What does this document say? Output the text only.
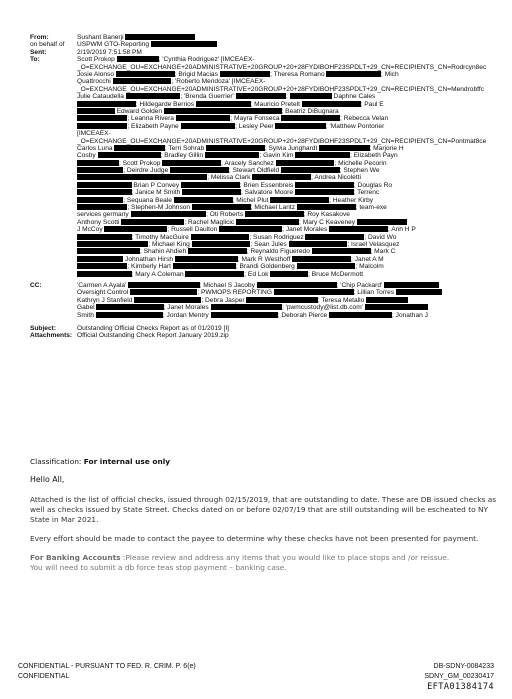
From:	Sushant Banerji
on behalf of	USPWM GTO-Reporting
Sent:	2/19/2019 7:51:58 PM
To:	Scott Prokop	; 'Cynthia Rodriguez' [IMCEAEX-
_O=EXCHANGE_OU=EXCHANGE+20ADMINISTRATIVE+20GROUP+20+28FYDIBOHF23SPDLT+29_CN=RECIPIENTS_CN=Rodrcyn8ec
Josie Alonso	; Brigid Macias	; Theresa Romano	; Mich
Quattrocchi	; 'Roberto Mendoza' [IMCEAEX-
_O=EXCHANGE_OU=EXCHANGE+20ADMINISTRATIVE+20GROUP+20+28FYDIBOHF23SPDLT+29_CN=RECIPIENTS_CN=Mendrobffc
Julie Cataudella	; 'Brenda Guerrier'	;	Daphne Cales
; Hildegarde Berrios	; Mauricio Pretelt	; Paul E
Edward Golden	; Beatriz DiBugnara
; Leanna Rivera	; Mayra Fonseca	; Rebecca Velan
; Elizabeth Payne	; Lesley Peer	; 'Matthew Pontorier
[IMCEAEX-
_O=EXCHANGE_OU=EXCHANGE+20ADMINISTRATIVE+20GROUP+20+28FYDIBOHF23SPDLT+29_CN=RECIPIENTS_CN=Pontmat8ce
Carlos Luna	; Terri Sohrab	; Sylvia Junghardt	; Marjorie H
Cosby	; Bradley Gillin	; Gavin Kim	; Elizabeth Payn
; Scott Prokop	; Aracely Sanchez	; Michelle Pecorin
; Deirdre Judge	; Stewart Oldfield	; Stephen We
; Melissa Clark	; Andrea Nicoletti
Brian P Convey	; Brien Essenbreis	; Douglas Ro
; Janice M Smith	; Salvatore Moore	; Terrenc
; Sequana Beale	; Michel Plut	; Heather Kirby
; Stephen-M Johnson	; Michael Lantz	; team-exe
services germany	; Oti Roberts	; Roy Kasakove
Anthony Scotti	; Rachel Maglicic	; Mary C Keaveney
J McCoy	; Russell Daulton	; Janet Morales	; Anh H P
; Timothy MacGuire	; Susan Rodriguez	; David Wo
; Michael King	; Sean Jules	; Israel Velasquez
; Shahin Ahdieh	; Reynaldo Figueredo	; Mark C
Johnathan Hirsh	; Mark R Westhoff	; Janet A M
; Kimberly Hart	; Brandi Goldenberg	; Malcolm
; Mary A Coleman	; Ed Lok	; Bruce McDermott
CC:	'Carmen A Ayala'	; Michael S Jacoby	; 'Chip Packard'
Oversight Control	; PWMOPS REPORTING	; Lillian Torres
Kathryn J Stanfield	; Debra Jasper	; Teresa Metallo
Gabel	; Janet Morales	; 'pwmcustody@list.db.com'
Smith	; Jordan Mentry	; Deborah Pierce	; Jonathan J
Subject:	Outstanding Official Checks Report as of 01/2019 [I]
Attachments: Official Outstanding Check Report January 2019.zip

Classification: For internal use only

Hello All,

Attached is the list of official checks, issued through 02/15/2019, that are outstanding to date. These are DB issued checks as well as checks issued by State Street. Checks dated on or before 02/07/19 that are still outstanding will be escheated to NY State in Mar 2021.

Every effort should be made to contact the payee to determine why these checks have not been presented for payment.

For Banking Accounts :Please review and address any items that you would like to place stops and /or reissue.
You will need to submit a db force teas stop payment – banking case.

CONFIDENTIAL - PURSUANT TO FED. R. CRIM. P. 6(e)
CONFIDENTIAL
DB-SDNY-0084233
SDNY_GM_00230417
EFTA01384174
